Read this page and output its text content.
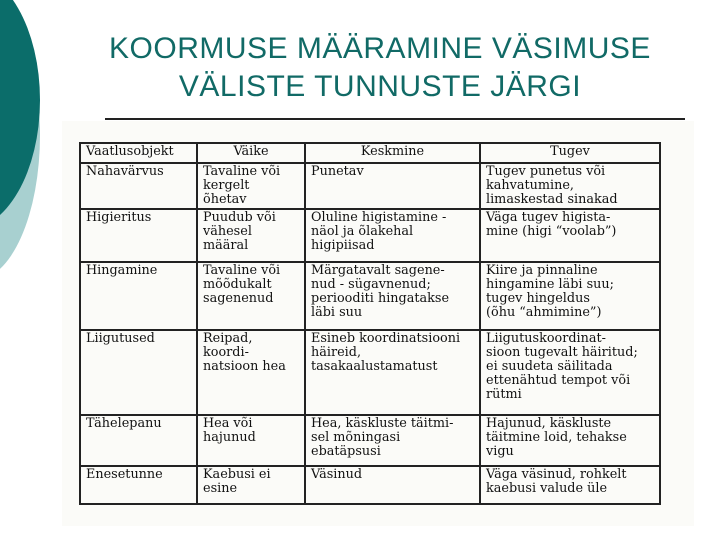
KOORMUSE MÄÄRAMINE VÄSIMUSE
VÄLISTE TUNNUSTE JÄRGI
Vaatlusobjekt	Väike	Keskmine	Tugev
Nahavärvus	Tavaline või
kergelt
õhetav	Punetav	Tugev punetus või
kahvatumine,
limaskestad sinakad
Higieritus	Puudub või
vähesel
määral	Oluline higistamine -
näol ja õlakehal
higipiisad	Väga tugev higista-
mine (higi “voolab”)
Hingamine	Tavaline või
mõõdukalt
sagenenud	Märgatavalt sagene-
nud - sügavnenud;
periooditi hingatakse
läbi suu	Kiire ja pinnaline
hingamine läbi suu;
tugev hingeldus
(õhu “ahmimine”)
Liigutused	Reipad,
koordi-
natsioon hea	Esineb koordinatsiooni
häireid,
tasakaalustamatust	Liigutuskoordinat-
sioon tugevalt häiritud;
ei suudeta säilitada
ettenähtud tempot või
rütmi
Tähelepanu	Hea või
hajunud	Hea, käskluste täitmi-
sel mõningasi
ebatäpsusi	Hajunud, käskluste
täitmine loid, tehakse
vigu
Enesetunne	Kaebusi ei
esine	Väsinud	Väga väsinud, rohkelt
kaebusi valude üle
